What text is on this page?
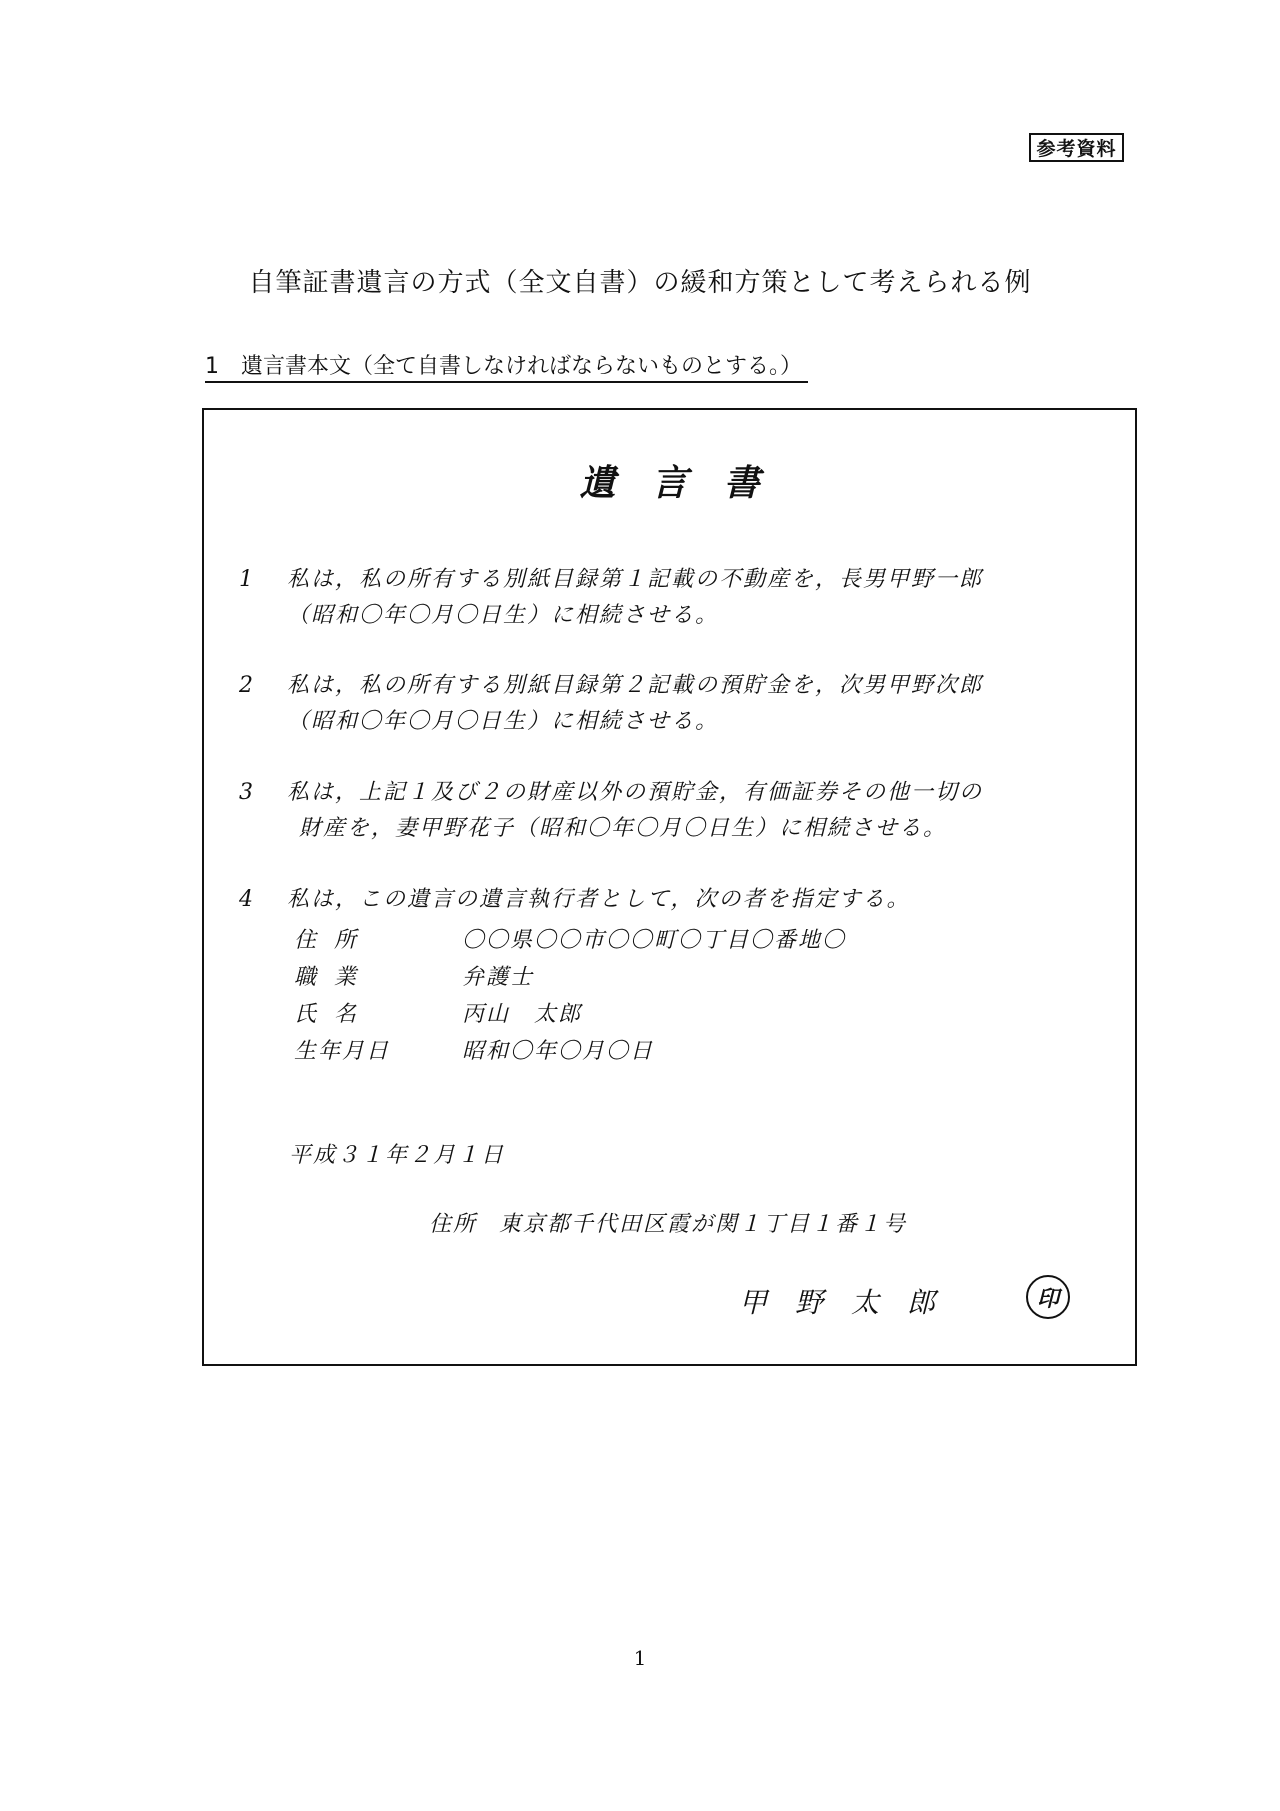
参考資料
自筆証書遺言の方式（全文自書）の緩和方策として考えられる例
1　遺言書本文（全て自書しなければならないものとする。）
遺言書
1 私は，私の所有する別紙目録第１記載の不動産を，長男甲野一郎
（昭和〇年〇月〇日生）に相続させる。
2 私は，私の所有する別紙目録第２記載の預貯金を，次男甲野次郎
（昭和〇年〇月〇日生）に相続させる。
3 私は，上記１及び２の財産以外の預貯金，有価証券その他一切の
財産を，妻甲野花子（昭和〇年〇月〇日生）に相続させる。
4 私は，この遺言の遺言執行者として，次の者を指定する。
住所	〇〇県〇〇市〇〇町〇丁目〇番地〇
職業	弁護士
氏名	丙山　太郎
生年月日	昭和〇年〇月〇日
平成３１年２月１日
住所 東京都千代田区霞が関１丁目１番１号
甲野太郎	印
1
